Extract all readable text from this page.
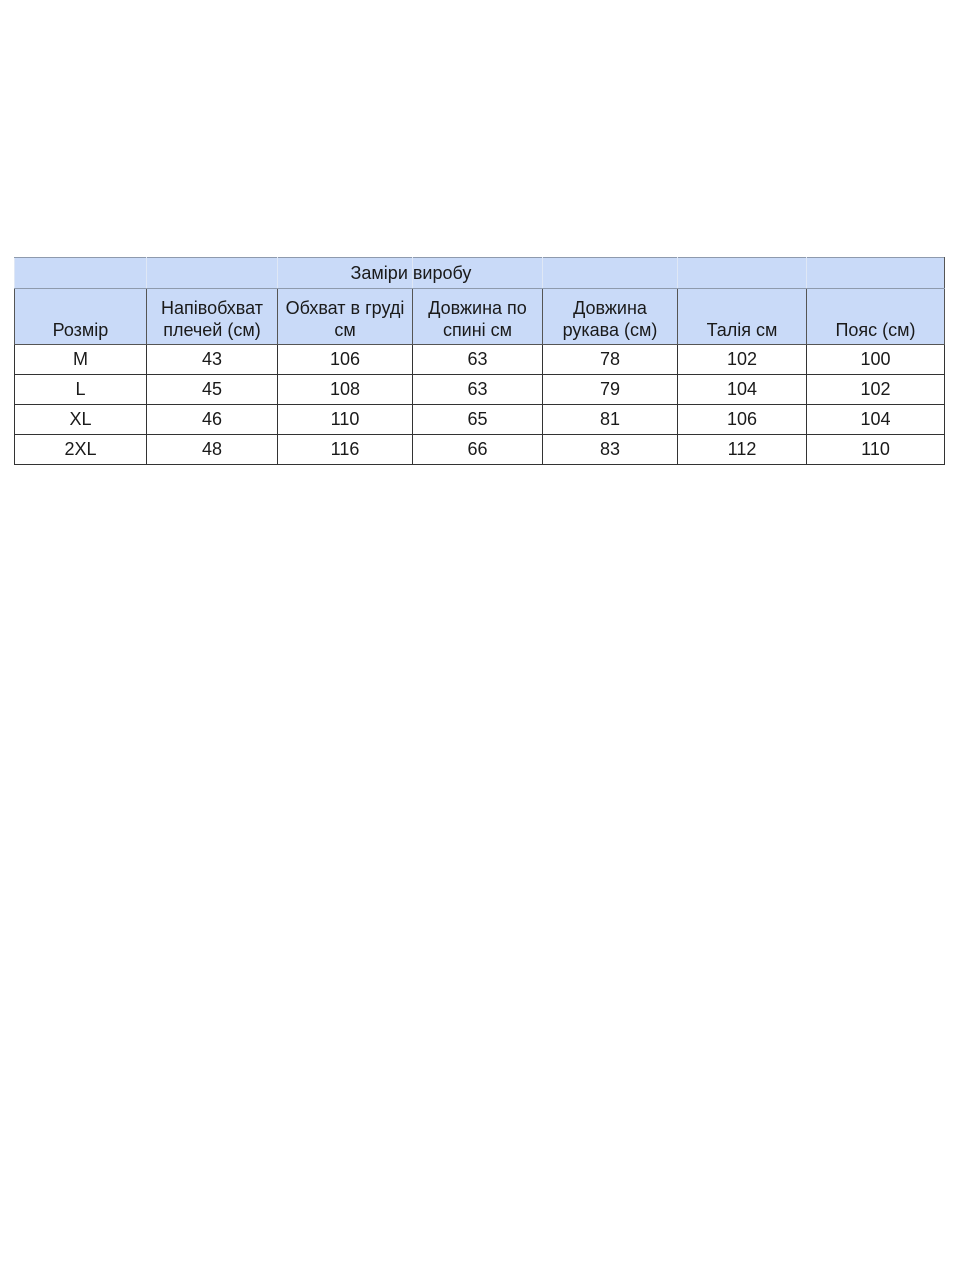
		Заміри виробу				

Розмір	Напівобхват плечей (см)	Обхват в груді см	Довжина по спині см	Довжина рукава (см)	Талія см	Пояс (см)
M	43	106	63	78	102	100
L	45	108	63	79	104	102
XL	46	110	65	81	106	104
2XL	48	116	66	83	112	110
